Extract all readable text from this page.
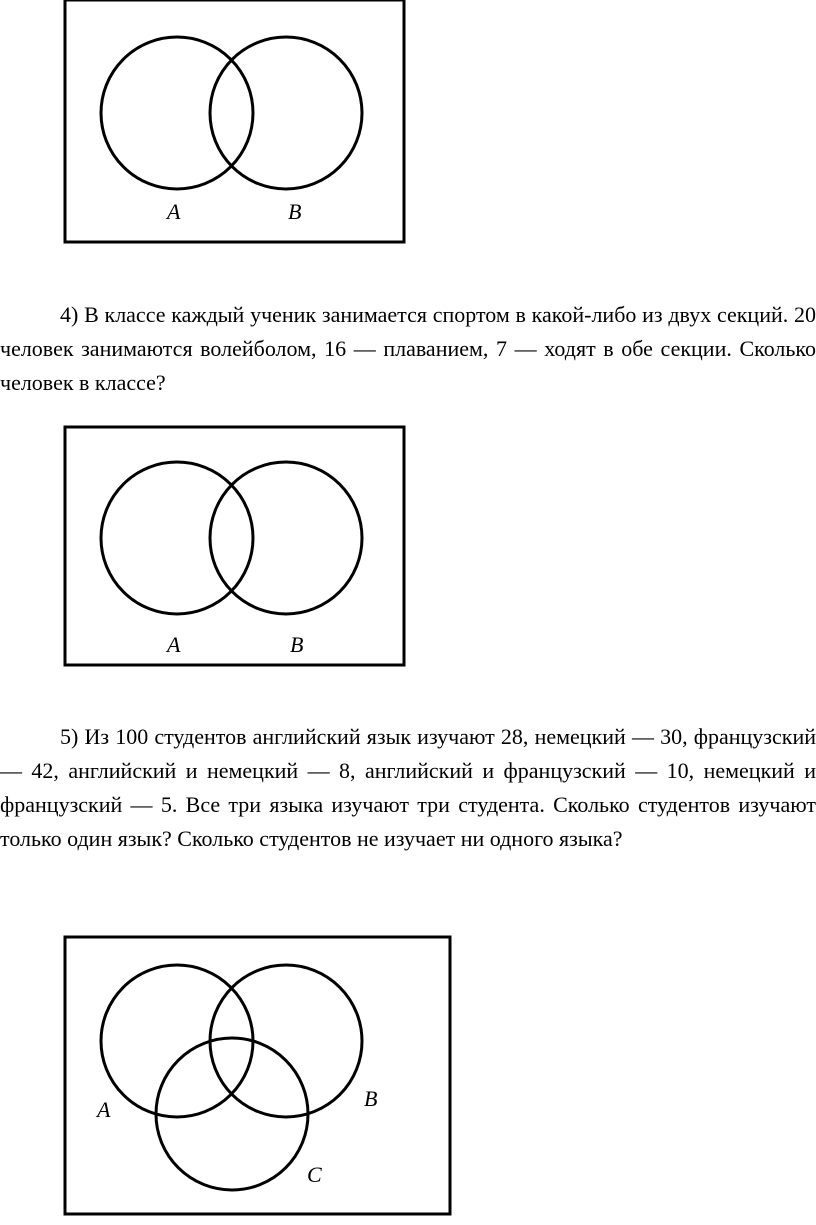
A	B

4) В классе каждый ученик занимается спортом в какой-либо из двух секций. 20 человек занимаются волейболом, 16 — плаванием, 7 — ходят в обе секции. Сколько человек в классе?

A	B

5) Из 100 студентов английский язык изучают 28, немецкий — 30, французский — 42, английский и немецкий — 8, английский и французский — 10, немецкий и французский — 5. Все три языка изучают три студента. Сколько студентов изучают только один язык? Сколько студентов не изучает ни одного языка?

A	B
C
